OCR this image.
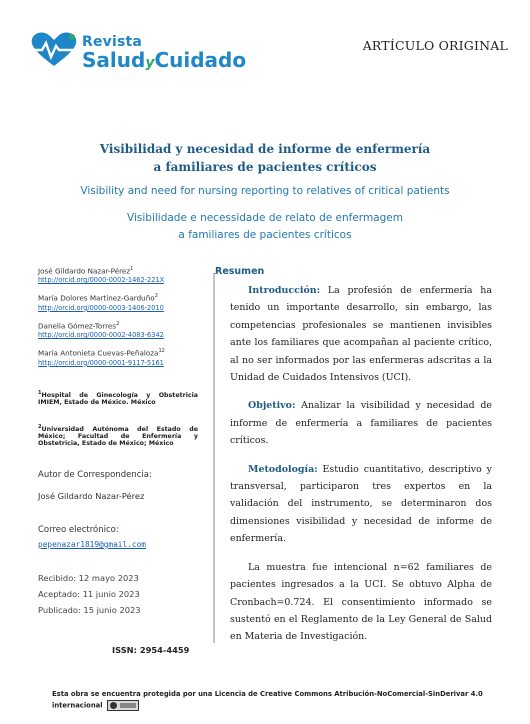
Revista
SaludyCuidado
ARTÍCULO ORIGINAL
Visibilidad y necesidad de informe de enfermería
a familiares de pacientes críticos
Visibility and need for nursing reporting to relatives of critical patients
Visibilidade e necessidade de relato de enfermagem
a familiares de pacientes críticos
José Gildardo Nazar-Pérez$^1$
http://orcid.org/0000-0002-1462-221X
María Dolores Martínez-Garduño$^2$
http://orcid.org/0000-0003-1406-2010
Danelia Gómez-Torres$^2$
http://orcid.org/0000-0002-4083-6342
María Antonieta Cuevas-Peñaloza$^{12}$
http://orcid.org/0000-0001-9117-5161

$^1$Hospital de Ginecología y Obstetricia IMIEM, Estado de México. México

$^2$Universidad Autónoma del Estado de México; Facultad de Enfermería y Obstetricia, Estado de México; México

Autor de Correspondencia:
José Gildardo Nazar-Pérez
Correo electrónico:
pepenazar1819@gmail.com
Recibido: 12 mayo 2023
Aceptado: 11 junio 2023
Publicado: 15 junio 2023
ISSN: 2954-4459
Resumen

Introducción: La profesión de enfermería ha tenido un importante desarrollo, sin embargo, las competencias profesionales se mantienen invisibles ante los familiares que acompañan al paciente crítico, al no ser informados por las enfermeras adscritas a la Unidad de Cuidados Intensivos (UCI).

Objetivo: Analizar la visibilidad y necesidad de informe de enfermería a familiares de pacientes críticos.

Metodología: Estudio cuantitativo, descriptivo y transversal, participaron tres expertos en la validación del instrumento, se determinaron dos dimensiones visibilidad y necesidad de informe de enfermería.

La muestra fue intencional n=62 familiares de pacientes ingresados a la UCI. Se obtuvo Alpha de Cronbach=0.724. El consentimiento informado se sustentó en el Reglamento de la Ley General de Salud en Materia de Investigación.

Esta obra se encuentra protegida por una Licencia de Creative Commons Atribución-NoComercial-SinDerivar 4.0 internacional
